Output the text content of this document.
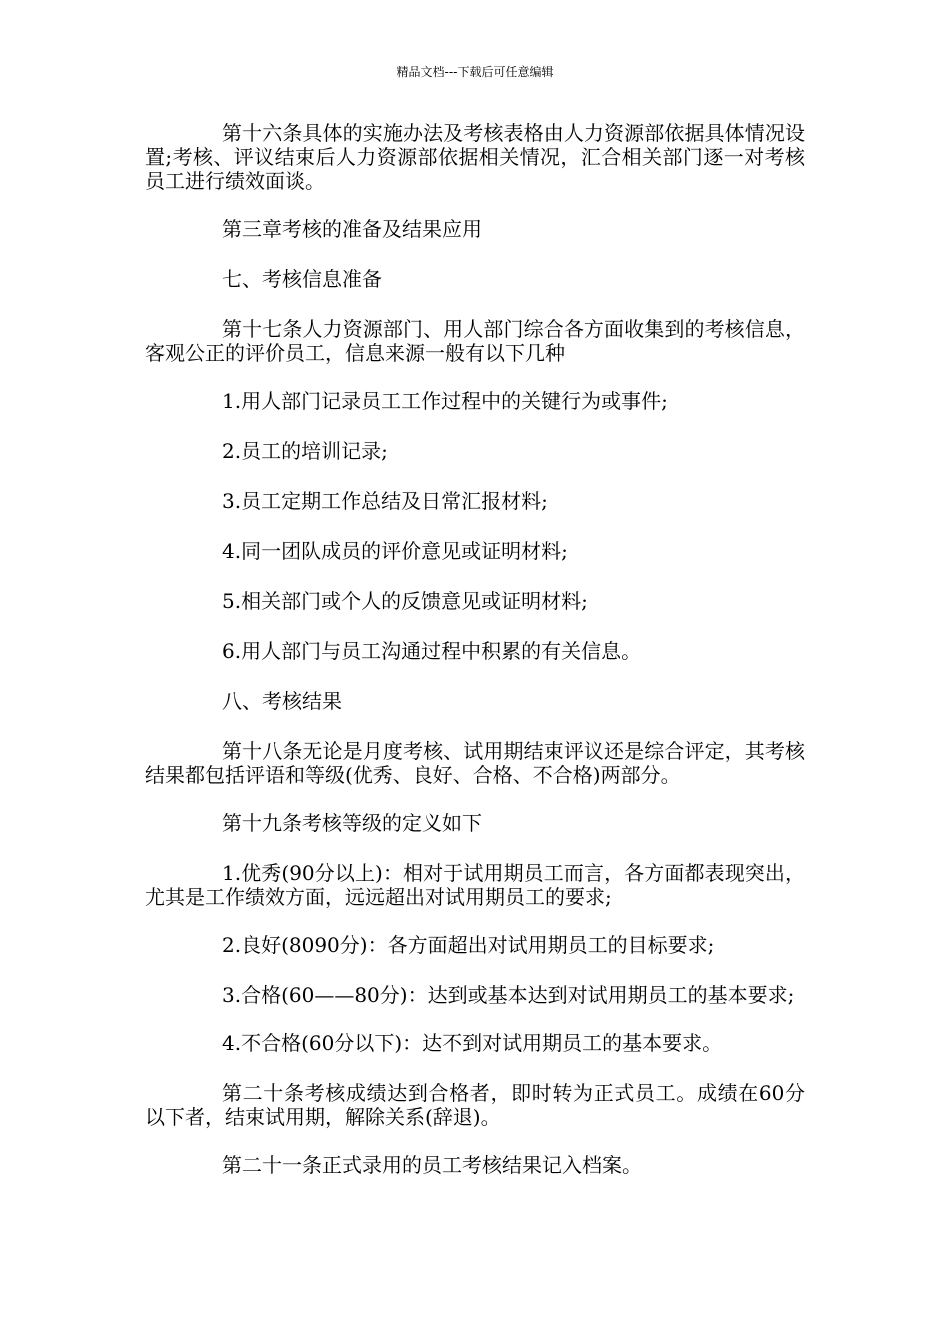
精品文档---下载后可任意编辑

第十六条具体的实施办法及考核表格由人力资源部依据具体情况设置;考核、评议结束后人力资源部依据相关情况，汇合相关部门逐一对考核员工进行绩效面谈。

第三章考核的准备及结果应用

七、考核信息准备

第十七条人力资源部门、用人部门综合各方面收集到的考核信息，客观公正的评价员工，信息来源一般有以下几种

1.用人部门记录员工工作过程中的关键行为或事件;

2.员工的培训记录;

3.员工定期工作总结及日常汇报材料;

4.同一团队成员的评价意见或证明材料;

5.相关部门或个人的反馈意见或证明材料;

6.用人部门与员工沟通过程中积累的有关信息。

八、考核结果

第十八条无论是月度考核、试用期结束评议还是综合评定，其考核结果都包括评语和等级(优秀、良好、合格、不合格)两部分。

第十九条考核等级的定义如下

1.优秀(90分以上)：相对于试用期员工而言，各方面都表现突出，尤其是工作绩效方面，远远超出对试用期员工的要求;

2.良好(8090分)：各方面超出对试用期员工的目标要求;

3.合格(60——80分)：达到或基本达到对试用期员工的基本要求;

4.不合格(60分以下)：达不到对试用期员工的基本要求。

第二十条考核成绩达到合格者，即时转为正式员工。成绩在60分以下者，结束试用期，解除关系(辞退)。

第二十一条正式录用的员工考核结果记入档案。
